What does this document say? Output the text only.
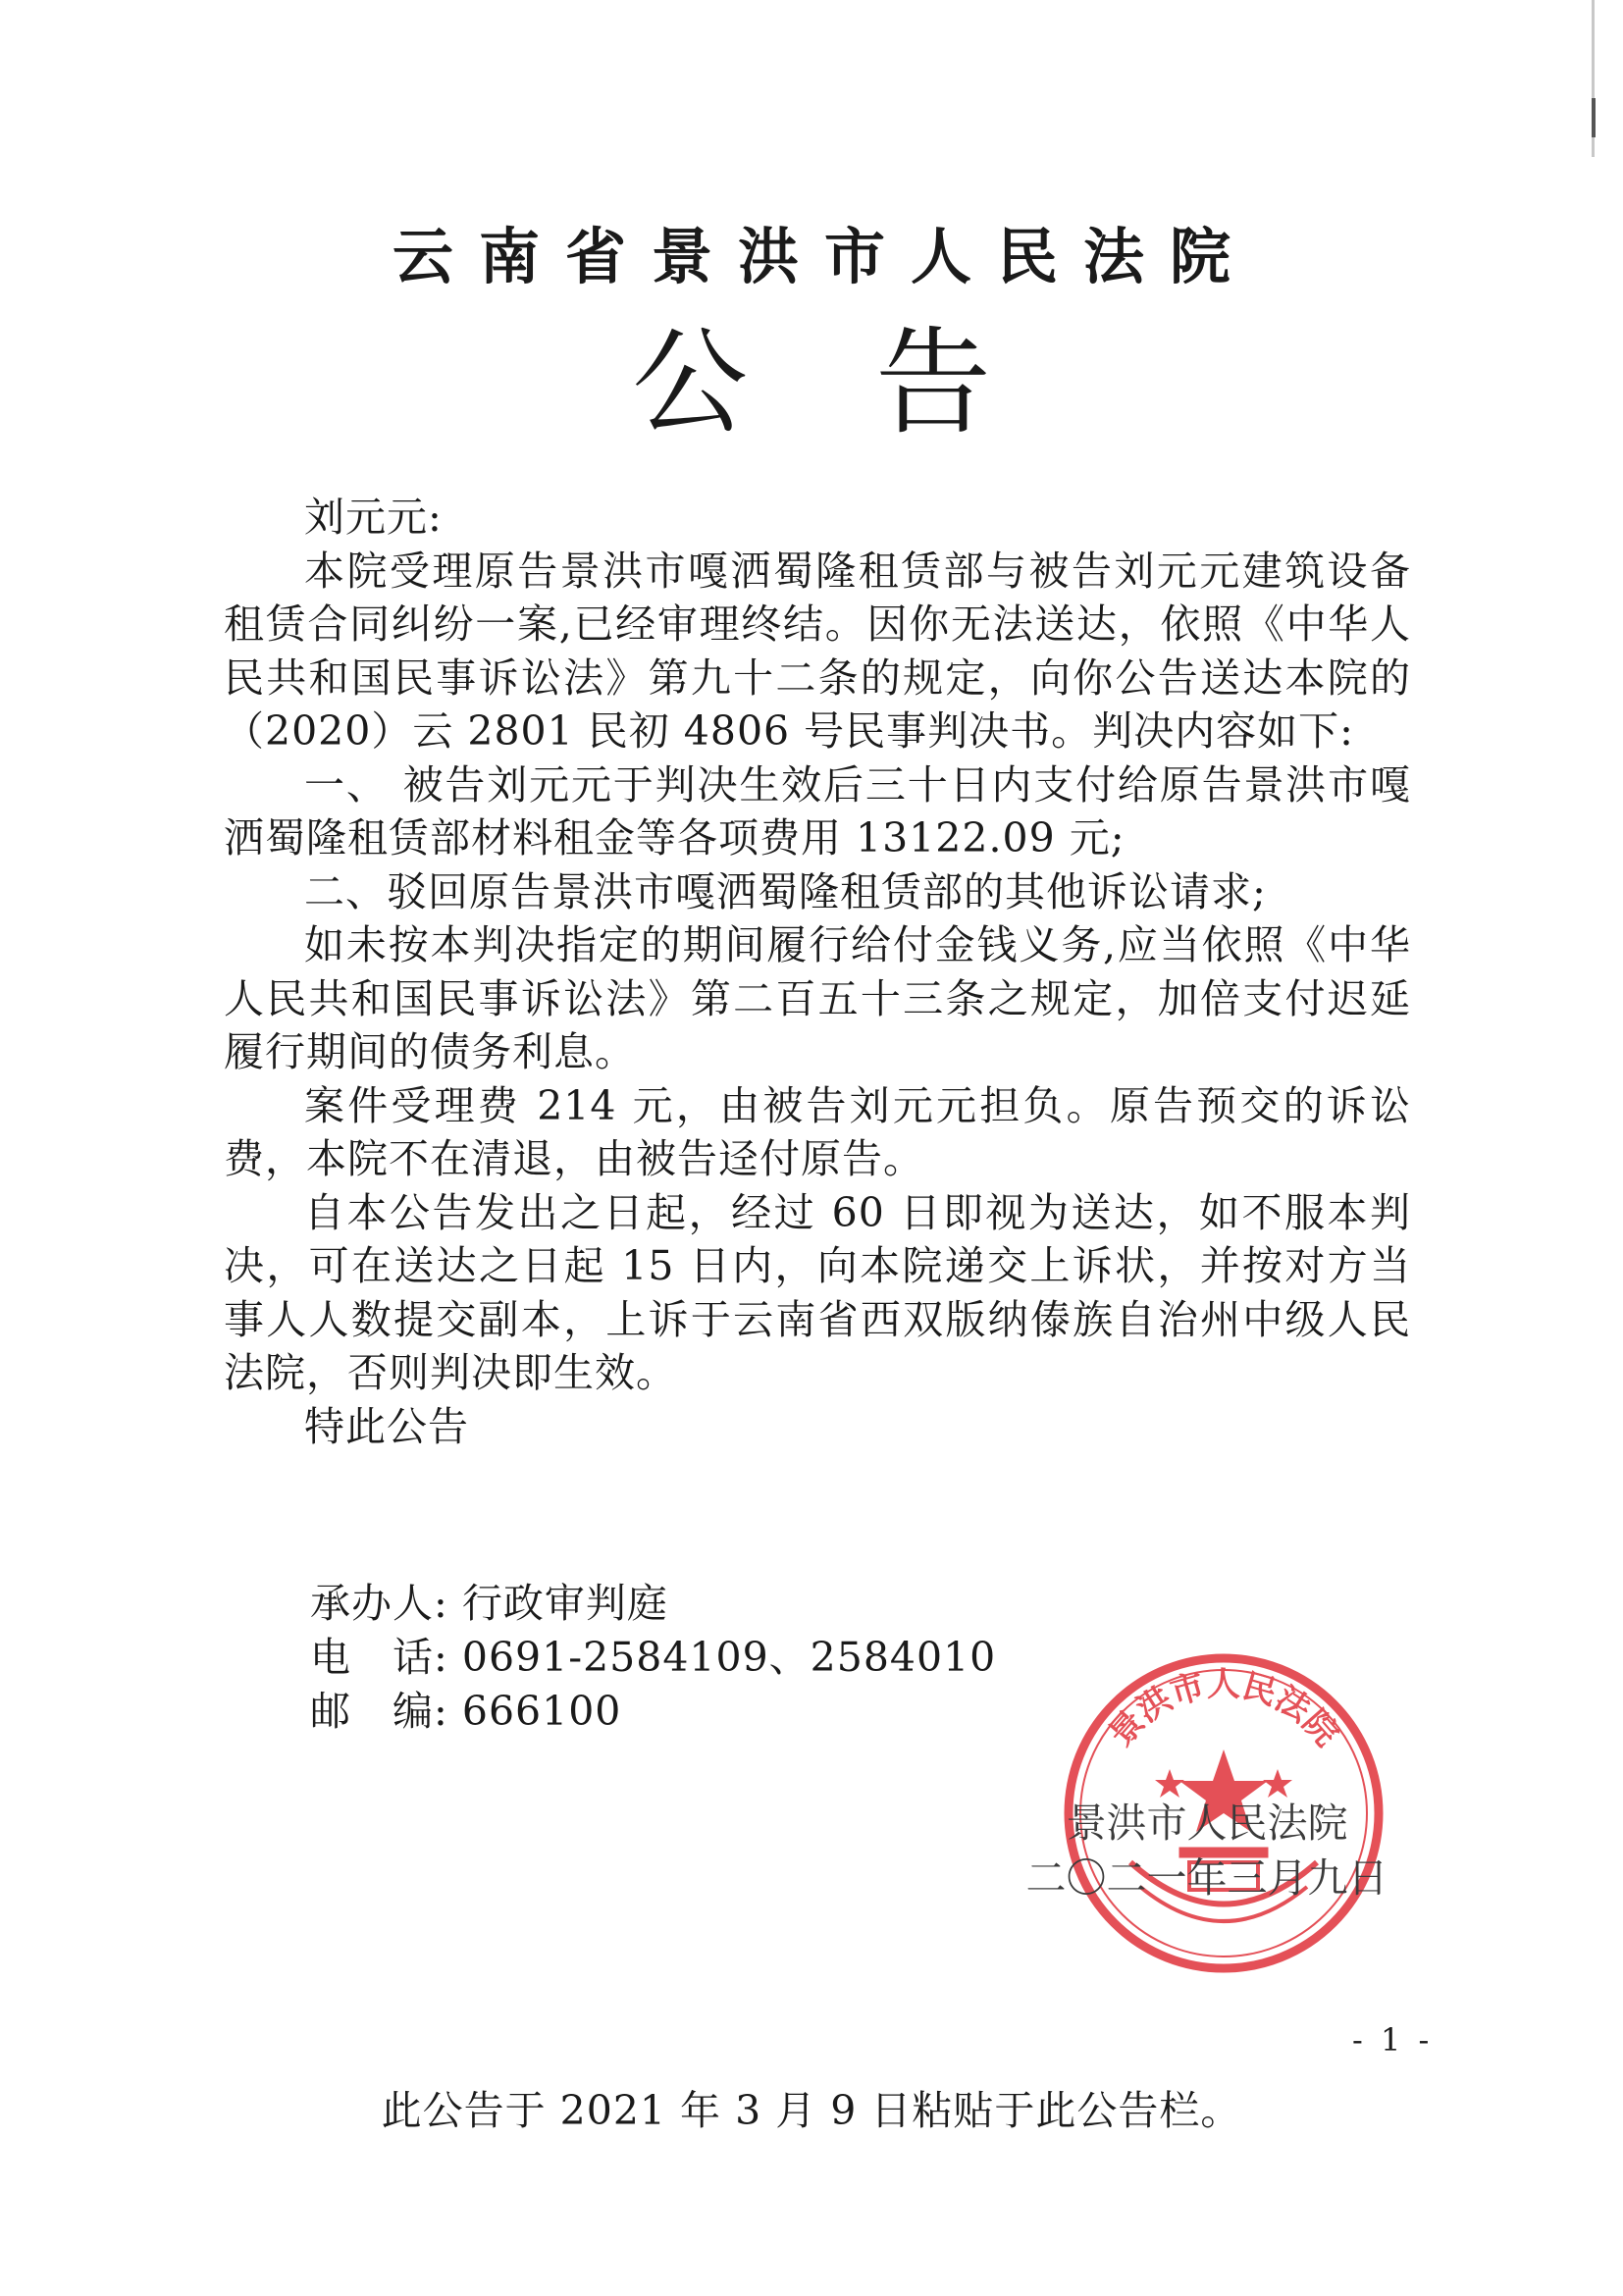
云南省景洪市人民法院
公告

刘元元:

本院受理原告景洪市嘎洒蜀隆租赁部与被告刘元元建筑设备租赁合同纠纷一案,已经审理终结。因你无法送达，依照《中华人民共和国民事诉讼法》第九十二条的规定，向你公告送达本院的（2020）云 2801 民初 4806 号民事判决书。判决内容如下:

一、 被告刘元元于判决生效后三十日内支付给原告景洪市嘎洒蜀隆租赁部材料租金等各项费用 13122.09 元;

二、驳回原告景洪市嘎洒蜀隆租赁部的其他诉讼请求;

如未按本判决指定的期间履行给付金钱义务,应当依照《中华人民共和国民事诉讼法》第二百五十三条之规定，加倍支付迟延履行期间的债务利息。

案件受理费 214 元，由被告刘元元担负。原告预交的诉讼费，本院不在清退，由被告迳付原告。

自本公告发出之日起，经过 60 日即视为送达，如不服本判决，可在送达之日起 15 日内，向本院递交上诉状，并按对方当事人人数提交副本，上诉于云南省西双版纳傣族自治州中级人民法院，否则判决即生效。

特此公告

承办人: 行政审判庭
电　话: 0691-2584109、2584010
邮　编: 666100	景洪市人民法院
景洪市人民法院
二〇二一年三月九日
- 1 -
此公告于 2021 年 3 月 9 日粘贴于此公告栏。
